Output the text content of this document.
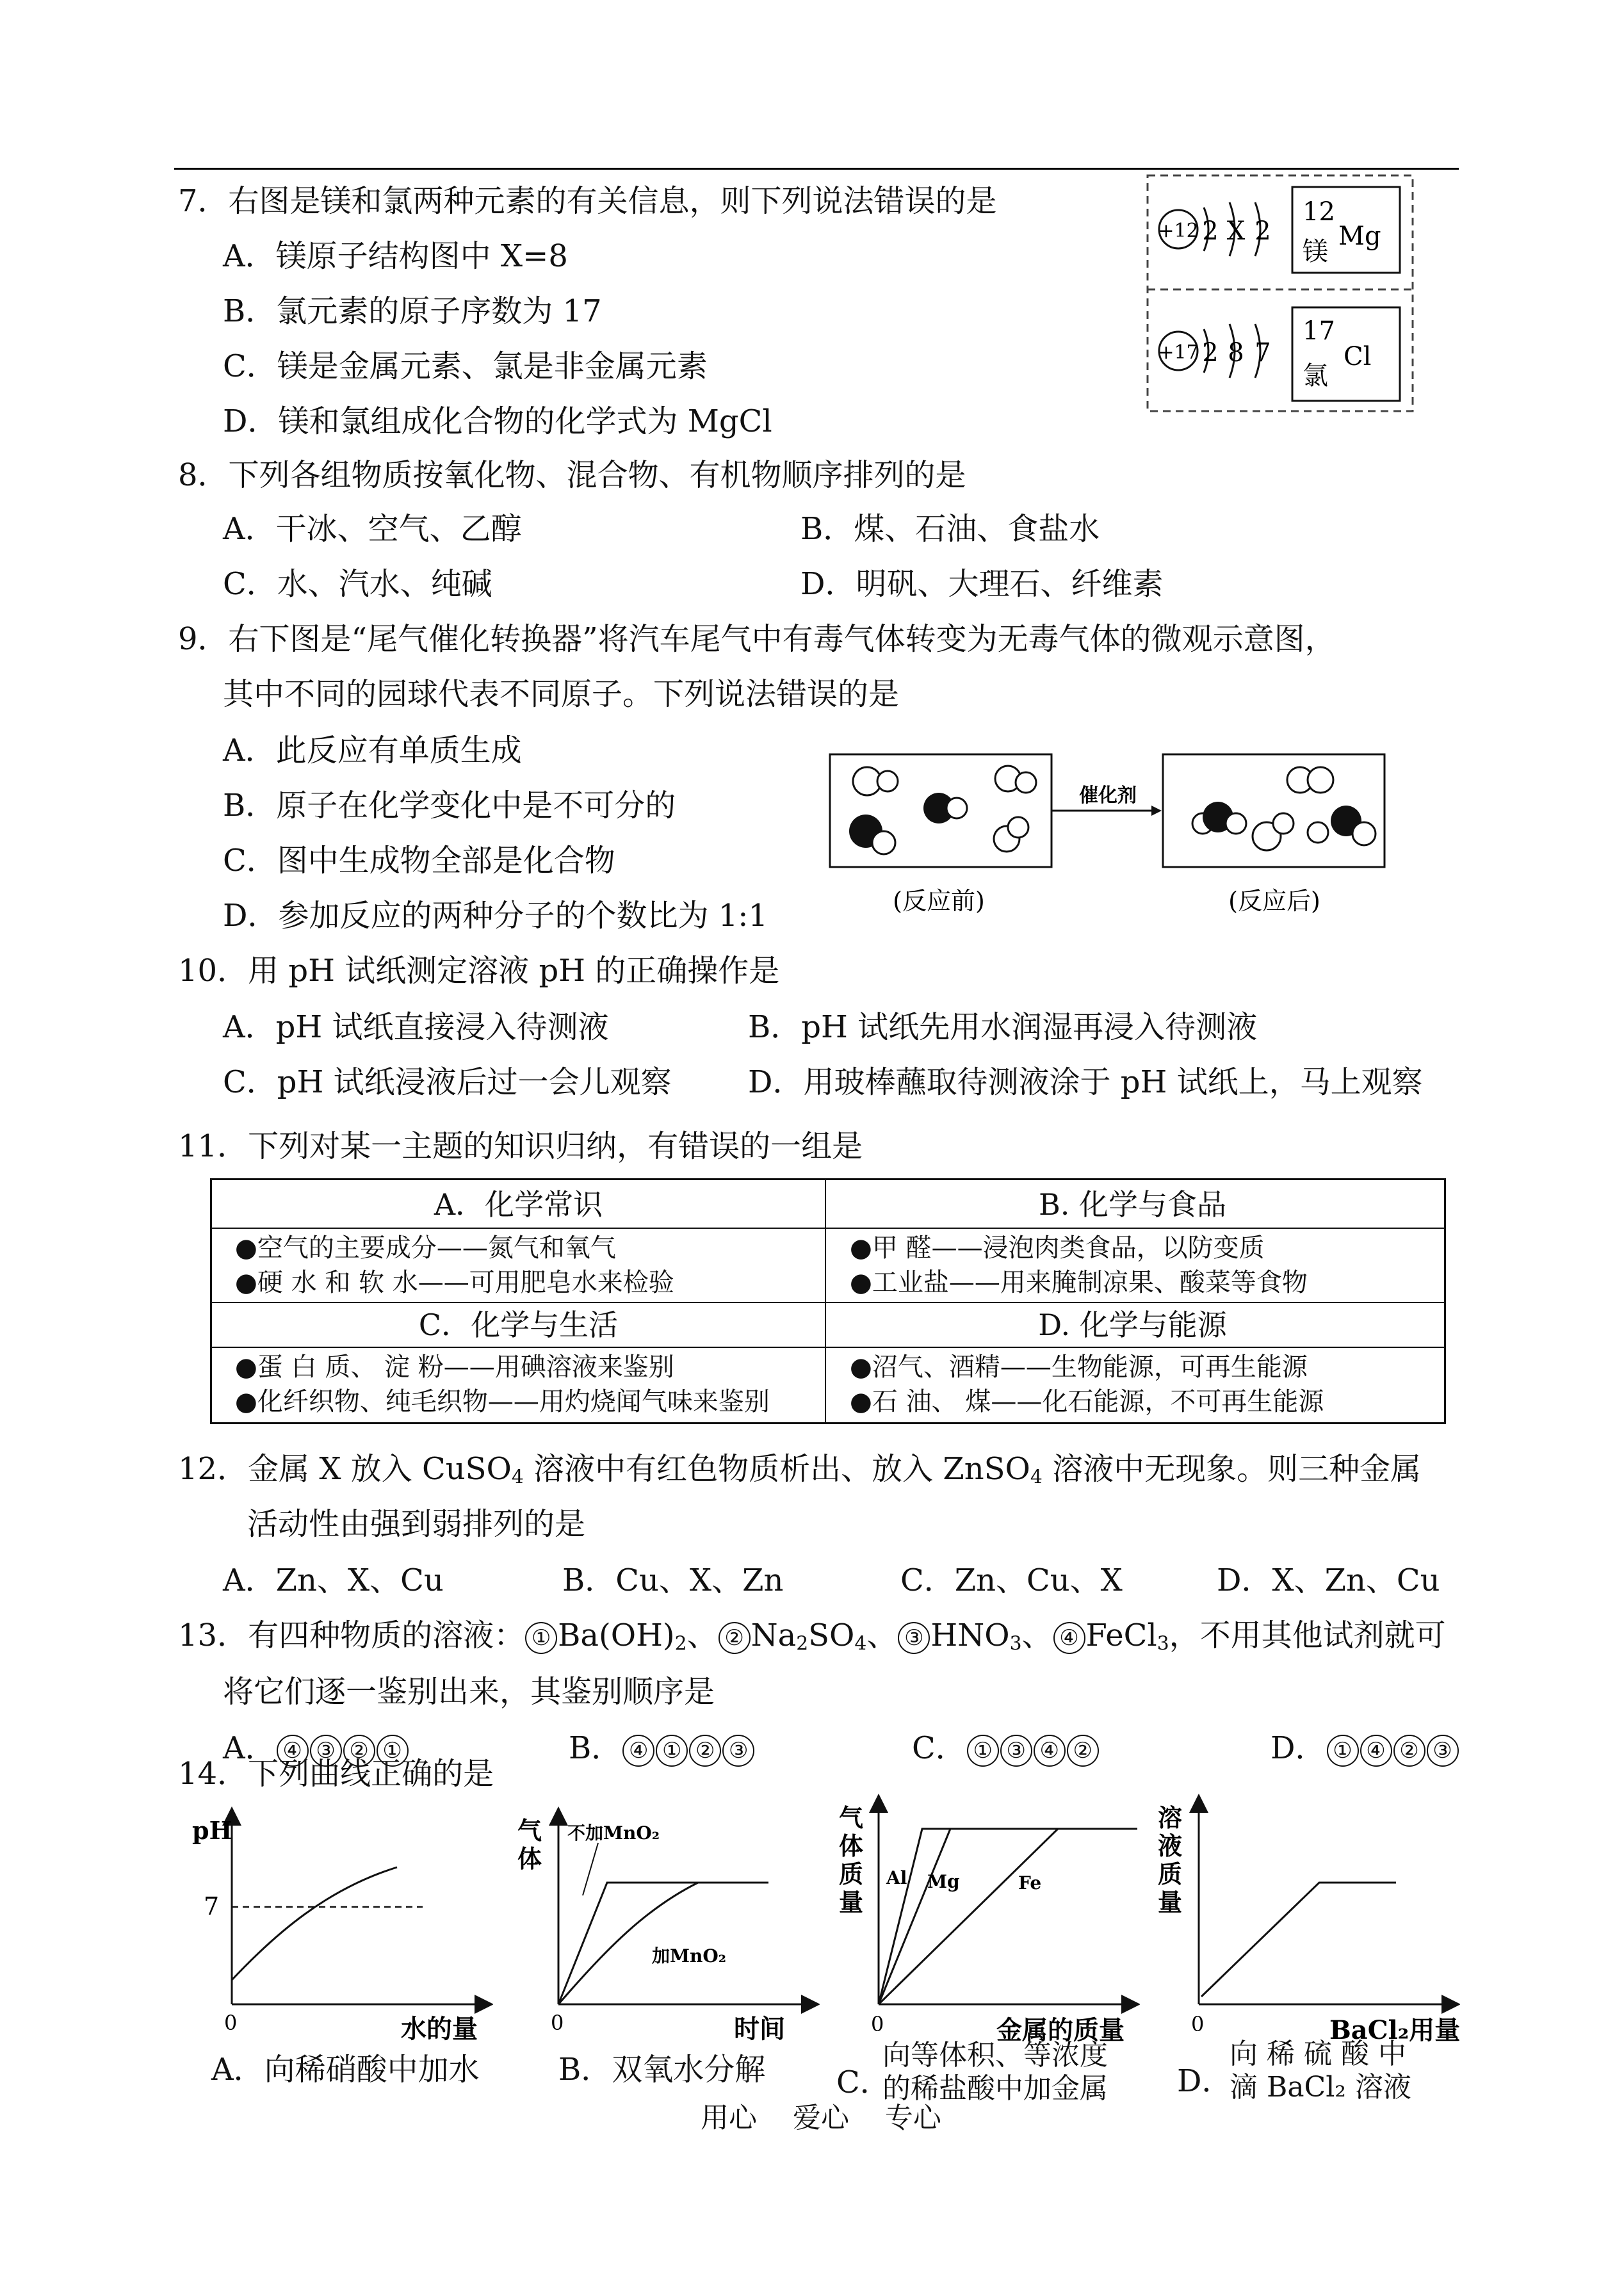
7．右图是镁和氯两种元素的有关信息，则下列说法错误的是
A．镁原子结构图中 X=8
B．氯元素的原子序数为 17
C．镁是金属元素、氯是非金属元素
D．镁和氯组成化合物的化学式为 MgCl
+12 2 X 2
12
镁
Mg
+17 2 8 7
17
氯
Cl
8．下列各组物质按氧化物、混合物、有机物顺序排列的是
A．干冰、空气、乙醇	B．煤、石油、食盐水
C．水、汽水、纯碱	D．明矾、大理石、纤维素
9．右下图是“尾气催化转换器”将汽车尾气中有毒气体转变为无毒气体的微观示意图，
其中不同的园球代表不同原子。下列说法错误的是
A．此反应有单质生成
B．原子在化学变化中是不可分的
C．图中生成物全部是化合物
D．参加反应的两种分子的个数比为 1:1
催化剂
(反应前)	(反应后)
10．用 pH 试纸测定溶液 pH 的正确操作是
A．pH 试纸直接浸入待测液	B．pH 试纸先用水润湿再浸入待测液
C．pH 试纸浸液后过一会儿观察 D．用玻棒蘸取待测液涂于 pH 试纸上，马上观察
11．下列对某一主题的知识归纳，有错误的一组是
A．化学常识	B. 化学与食品
●空气的主要成分——氮气和氧气
●硬 水 和 软 水——可用肥皂水来检验
●甲 醛——浸泡肉类食品，以防变质
●工业盐——用来腌制凉果、酸菜等食物
C．化学与生活	D. 化学与能源
●蛋 白 质、 淀 粉——用碘溶液来鉴别
●化纤织物、纯毛织物——用灼烧闻气味来鉴别
●沼气、酒精——生物能源，可再生能源
●石 油、 煤——化石能源，不可再生能源
12．金属 X 放入 CuSO$_4$ 溶液中有红色物质析出、放入 ZnSO$_4$ 溶液中无现象。则三种金属
活动性由强到弱排列的是
A．Zn、X、Cu	B．Cu、X、Zn	C．Zn、Cu、X	D．X、Zn、Cu
13．有四种物质的溶液： ① $Ba(OH)_2$、 ② $Na_2SO_4$、 ③ $HNO_3$、 ④ FeCl$_3$，不用其他试剂就可
将它们逐一鉴别出来，其鉴别顺序是
A． ④ ③ ② ①	B． ④ ① ② ③	C． ① ③ ④ ②	D． ① ④ ② ③
14．下列曲线正确的是
pH
7
0	水的量
A．向稀硝酸中加水
气
体
不加MnO₂
加MnO₂
0	时间
B．双氧水分解
气
体
质
量
Al Mg	Fe
0	金属的质量
C．
向等体积、等浓度
的稀盐酸中加金属
溶
液
质
量
0	BaCl₂用量
D．
向 稀 硫 酸 中
滴 BaCl₂ 溶液
用心    爱心    专心
